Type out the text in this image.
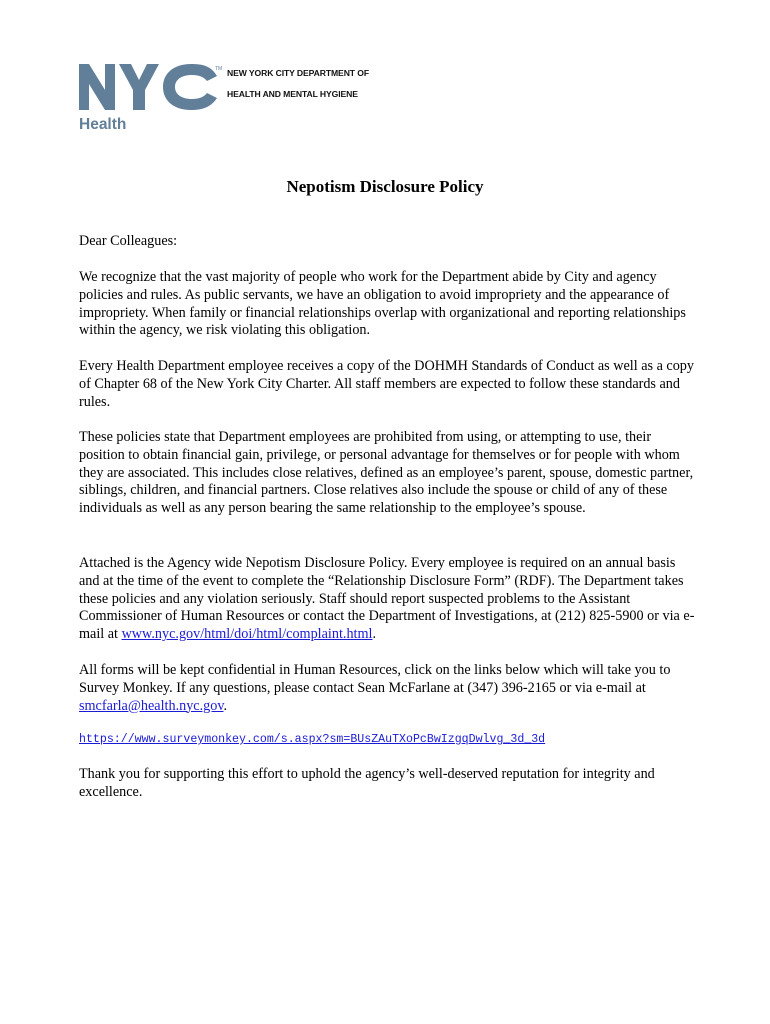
TM
Health
NEW YORK CITY DEPARTMENT OF
HEALTH AND MENTAL HYGIENE
Nepotism Disclosure Policy

Dear Colleagues:

We recognize that the vast majority of people who work for the Department abide by City and agency policies and rules. As public servants, we have an obligation to avoid impropriety and the appearance of impropriety. When family or financial relationships overlap with organizational and reporting relationships within the agency, we risk violating this obligation.

Every Health Department employee receives a copy of the DOHMH Standards of Conduct as well as a copy of Chapter 68 of the New York City Charter. All staff members are expected to follow these standards and rules.

These policies state that Department employees are prohibited from using, or attempting to use, their position to obtain financial gain, privilege, or personal advantage for themselves or for people with whom they are associated. This includes close relatives, defined as an employee’s parent, spouse, domestic partner, siblings, children, and financial partners. Close relatives also include the spouse or child of any of these individuals as well as any person bearing the same relationship to the employee’s spouse.

Attached is the Agency wide Nepotism Disclosure Policy. Every employee is required on an annual basis and at the time of the event to complete the “Relationship Disclosure Form” (RDF). The Department takes these policies and any violation seriously. Staff should report suspected problems to the Assistant Commissioner of Human Resources or contact the Department of Investigations, at (212) 825-5900 or via e-mail at www.nyc.gov/html/doi/html/complaint.html.

All forms will be kept confidential in Human Resources, click on the links below which will take you to Survey Monkey. If any questions, please contact Sean McFarlane at (347) 396-2165 or via e-mail at smcfarla@health.nyc.gov.

https://www.surveymonkey.com/s.aspx?sm=BUsZAuTXoPcBwIzgqDwlvg_3d_3d

Thank you for supporting this effort to uphold the agency’s well-deserved reputation for integrity and excellence.
